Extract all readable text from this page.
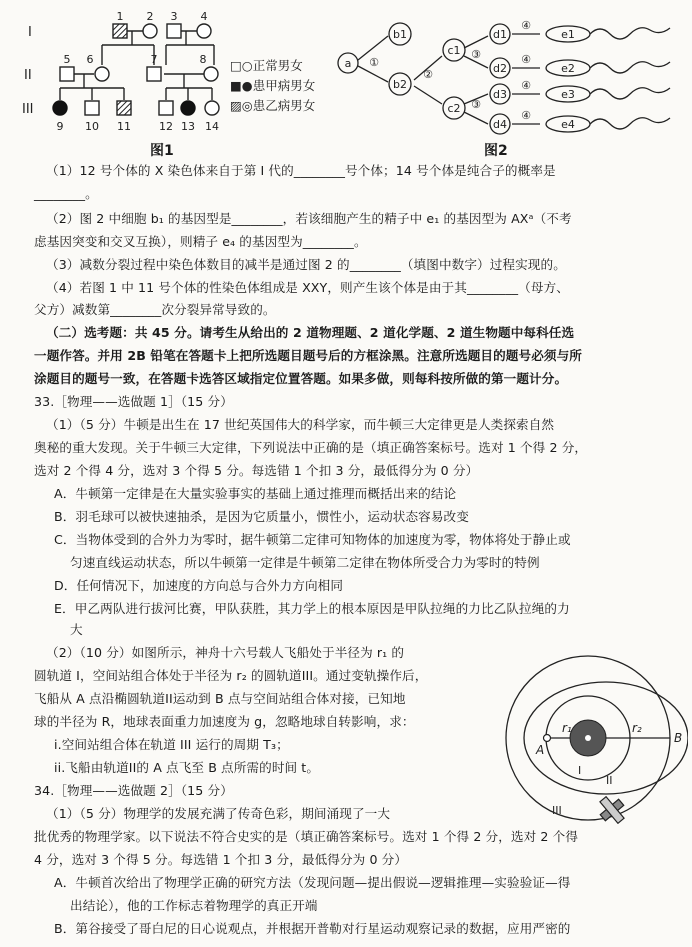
I
II
III
1 2 3 4
5 6	7	8
9 10 11	12 13 14
□○正常男女
■●患甲病男女
▨◎患乙病男女
图1
a
b1
b2
c1
c2
d1
d2
d3
d4
e1
e2
e3
e4
①
②
③
③
④
④
④
④
图2
（1）12 号个体的 X 染色体来自于第 I 代的________号个体；14 号个体是纯合子的概率是
________。
（2）图 2 中细胞 b₁ 的基因型是________，若该细胞产生的精子中 e₁ 的基因型为 AXᵃ（不考
虑基因突变和交叉互换），则精子 e₄ 的基因型为________。
（3）减数分裂过程中染色体数目的减半是通过图 2 的________（填图中数字）过程实现的。
（4）若图 1 中 11 号个体的性染色体组成是 XXY，则产生该个体是由于其________（母方、
父方）减数第________次分裂异常导致的。
（二）选考题：共 45 分。请考生从给出的 2 道物理题、2 道化学题、2 道生物题中每科任选
一题作答。并用 2B 铅笔在答题卡上把所选题目题号后的方框涂黑。注意所选题目的题号必须与所
涂题目的题号一致，在答题卡选答区域指定位置答题。如果多做，则每科按所做的第一题计分。
33.［物理——选做题 1］（15 分）
（1）（5 分）牛顿是出生在 17 世纪英国伟大的科学家，而牛顿三大定律更是人类探索自然
奥秘的重大发现。关于牛顿三大定律，下列说法中正确的是（填正确答案标号。选对 1 个得 2 分，
选对 2 个得 4 分，选对 3 个得 5 分。每选错 1 个扣 3 分，最低得分为 0 分）
A．牛顿第一定律是在大量实验事实的基础上通过推理而概括出来的结论
B．羽毛球可以被快速抽杀，是因为它质量小，惯性小，运动状态容易改变
C．当物体受到的合外力为零时，据牛顿第二定律可知物体的加速度为零，物体将处于静止或
匀速直线运动状态，所以牛顿第一定律是牛顿第二定律在物体所受合力为零时的特例
D．任何情况下，加速度的方向总与合外力方向相同
E．甲乙两队进行拔河比赛，甲队获胜，其力学上的根本原因是甲队拉绳的力比乙队拉绳的力
大
（2）（10 分）如图所示，神舟十六号载人飞船处于半径为 r₁ 的
圆轨道 I，空间站组合体处于半径为 r₂ 的圆轨道III。通过变轨操作后，
飞船从 A 点沿椭圆轨道II运动到 B 点与空间站组合体对接，已知地
球的半径为 R，地球表面重力加速度为 g，忽略地球自转影响，求：
i.空间站组合体在轨道 III 运行的周期 T₃；
ii.飞船由轨道II的 A 点飞至 B 点所需的时间 t。
34.［物理——选做题 2］（15 分）
（1）（5 分）物理学的发展充满了传奇色彩，期间涌现了一大
批优秀的物理学家。以下说法不符合史实的是（填正确答案标号。选对 1 个得 2 分，选对 2 个得
4 分，选对 3 个得 5 分。每选错 1 个扣 3 分，最低得分为 0 分）
A．牛顿首次给出了物理学正确的研究方法（发现问题—提出假说—逻辑推理—实验验证—得
出结论），他的工作标志着物理学的真正开端
B．第谷接受了哥白尼的日心说观点，并根据开普勒对行星运动观察记录的数据，应用严密的
r₁	r₂
A
B
I
II
III
